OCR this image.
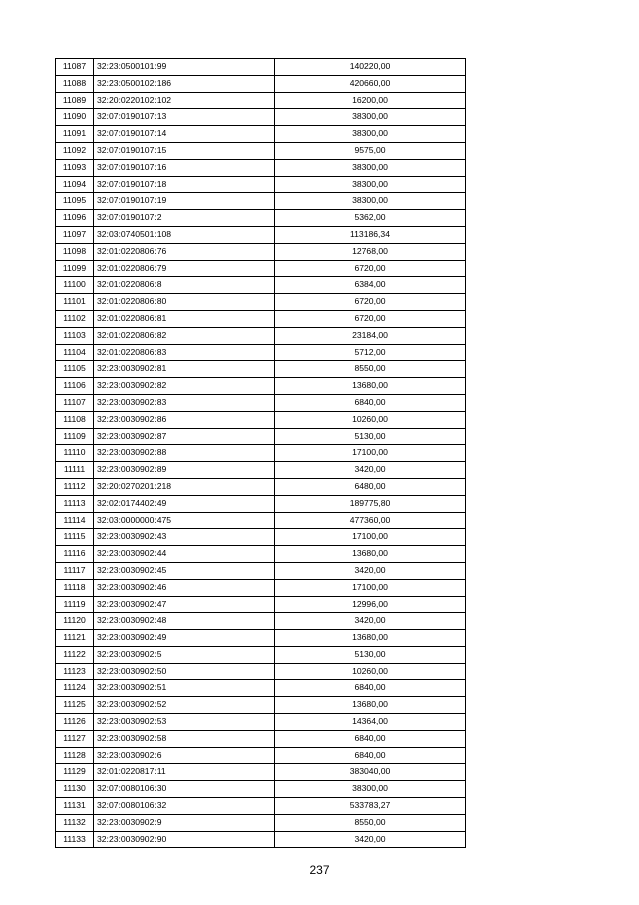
11087	32:23:0500101:99	140220,00
11088	32:23:0500102:186	420660,00
11089	32:20:0220102:102	16200,00
11090	32:07:0190107:13	38300,00
11091	32:07:0190107:14	38300,00
11092	32:07:0190107:15	9575,00
11093	32:07:0190107:16	38300,00
11094	32:07:0190107:18	38300,00
11095	32:07:0190107:19	38300,00
11096	32:07:0190107:2	5362,00
11097	32:03:0740501:108	113186,34
11098	32:01:0220806:76	12768,00
11099	32:01:0220806:79	6720,00
11100	32:01:0220806:8	6384,00
11101	32:01:0220806:80	6720,00
11102	32:01:0220806:81	6720,00
11103	32:01:0220806:82	23184,00
11104	32:01:0220806:83	5712,00
11105	32:23:0030902:81	8550,00
11106	32:23:0030902:82	13680,00
11107	32:23:0030902:83	6840,00
11108	32:23:0030902:86	10260,00
11109	32:23:0030902:87	5130,00
11110	32:23:0030902:88	17100,00
11111	32:23:0030902:89	3420,00
11112	32:20:0270201:218	6480,00
11113	32:02:0174402:49	189775,80
11114	32:03:0000000:475	477360,00
11115	32:23:0030902:43	17100,00
11116	32:23:0030902:44	13680,00
11117	32:23:0030902:45	3420,00
11118	32:23:0030902:46	17100,00
11119	32:23:0030902:47	12996,00
11120	32:23:0030902:48	3420,00
11121	32:23:0030902:49	13680,00
11122	32:23:0030902:5	5130,00
11123	32:23:0030902:50	10260,00
11124	32:23:0030902:51	6840,00
11125	32:23:0030902:52	13680,00
11126	32:23:0030902:53	14364,00
11127	32:23:0030902:58	6840,00
11128	32:23:0030902:6	6840,00
11129	32:01:0220817:11	383040,00
11130	32:07:0080106:30	38300,00
11131	32:07:0080106:32	533783,27
11132	32:23:0030902:9	8550,00
11133	32:23:0030902:90	3420,00
237
